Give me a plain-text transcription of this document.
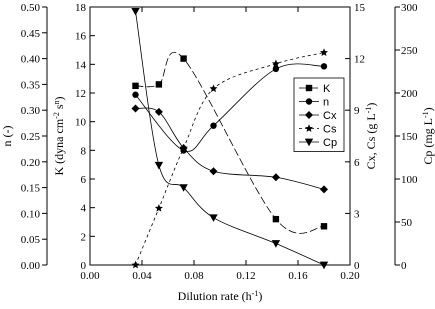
0.00	0.04	0.08	0.12	0.16	0.20
0.00
0.05
0.10
0.15
0.20
0.25
0.30
0.35
0.40
0.45
0.50
n (-)
0
2
4
6
8
10
12
14
16
18
K (dyna $cm^{-2}$ $s^n$)
0
3
6
9
12
15
Cx, Cs (g $L^{-1}$)
0
50
100
150
200
250
300
Cp (mg $L^{-1}$)
Dilution rate $(h^{-1})$
K
n
Cx
Cs
Cp
